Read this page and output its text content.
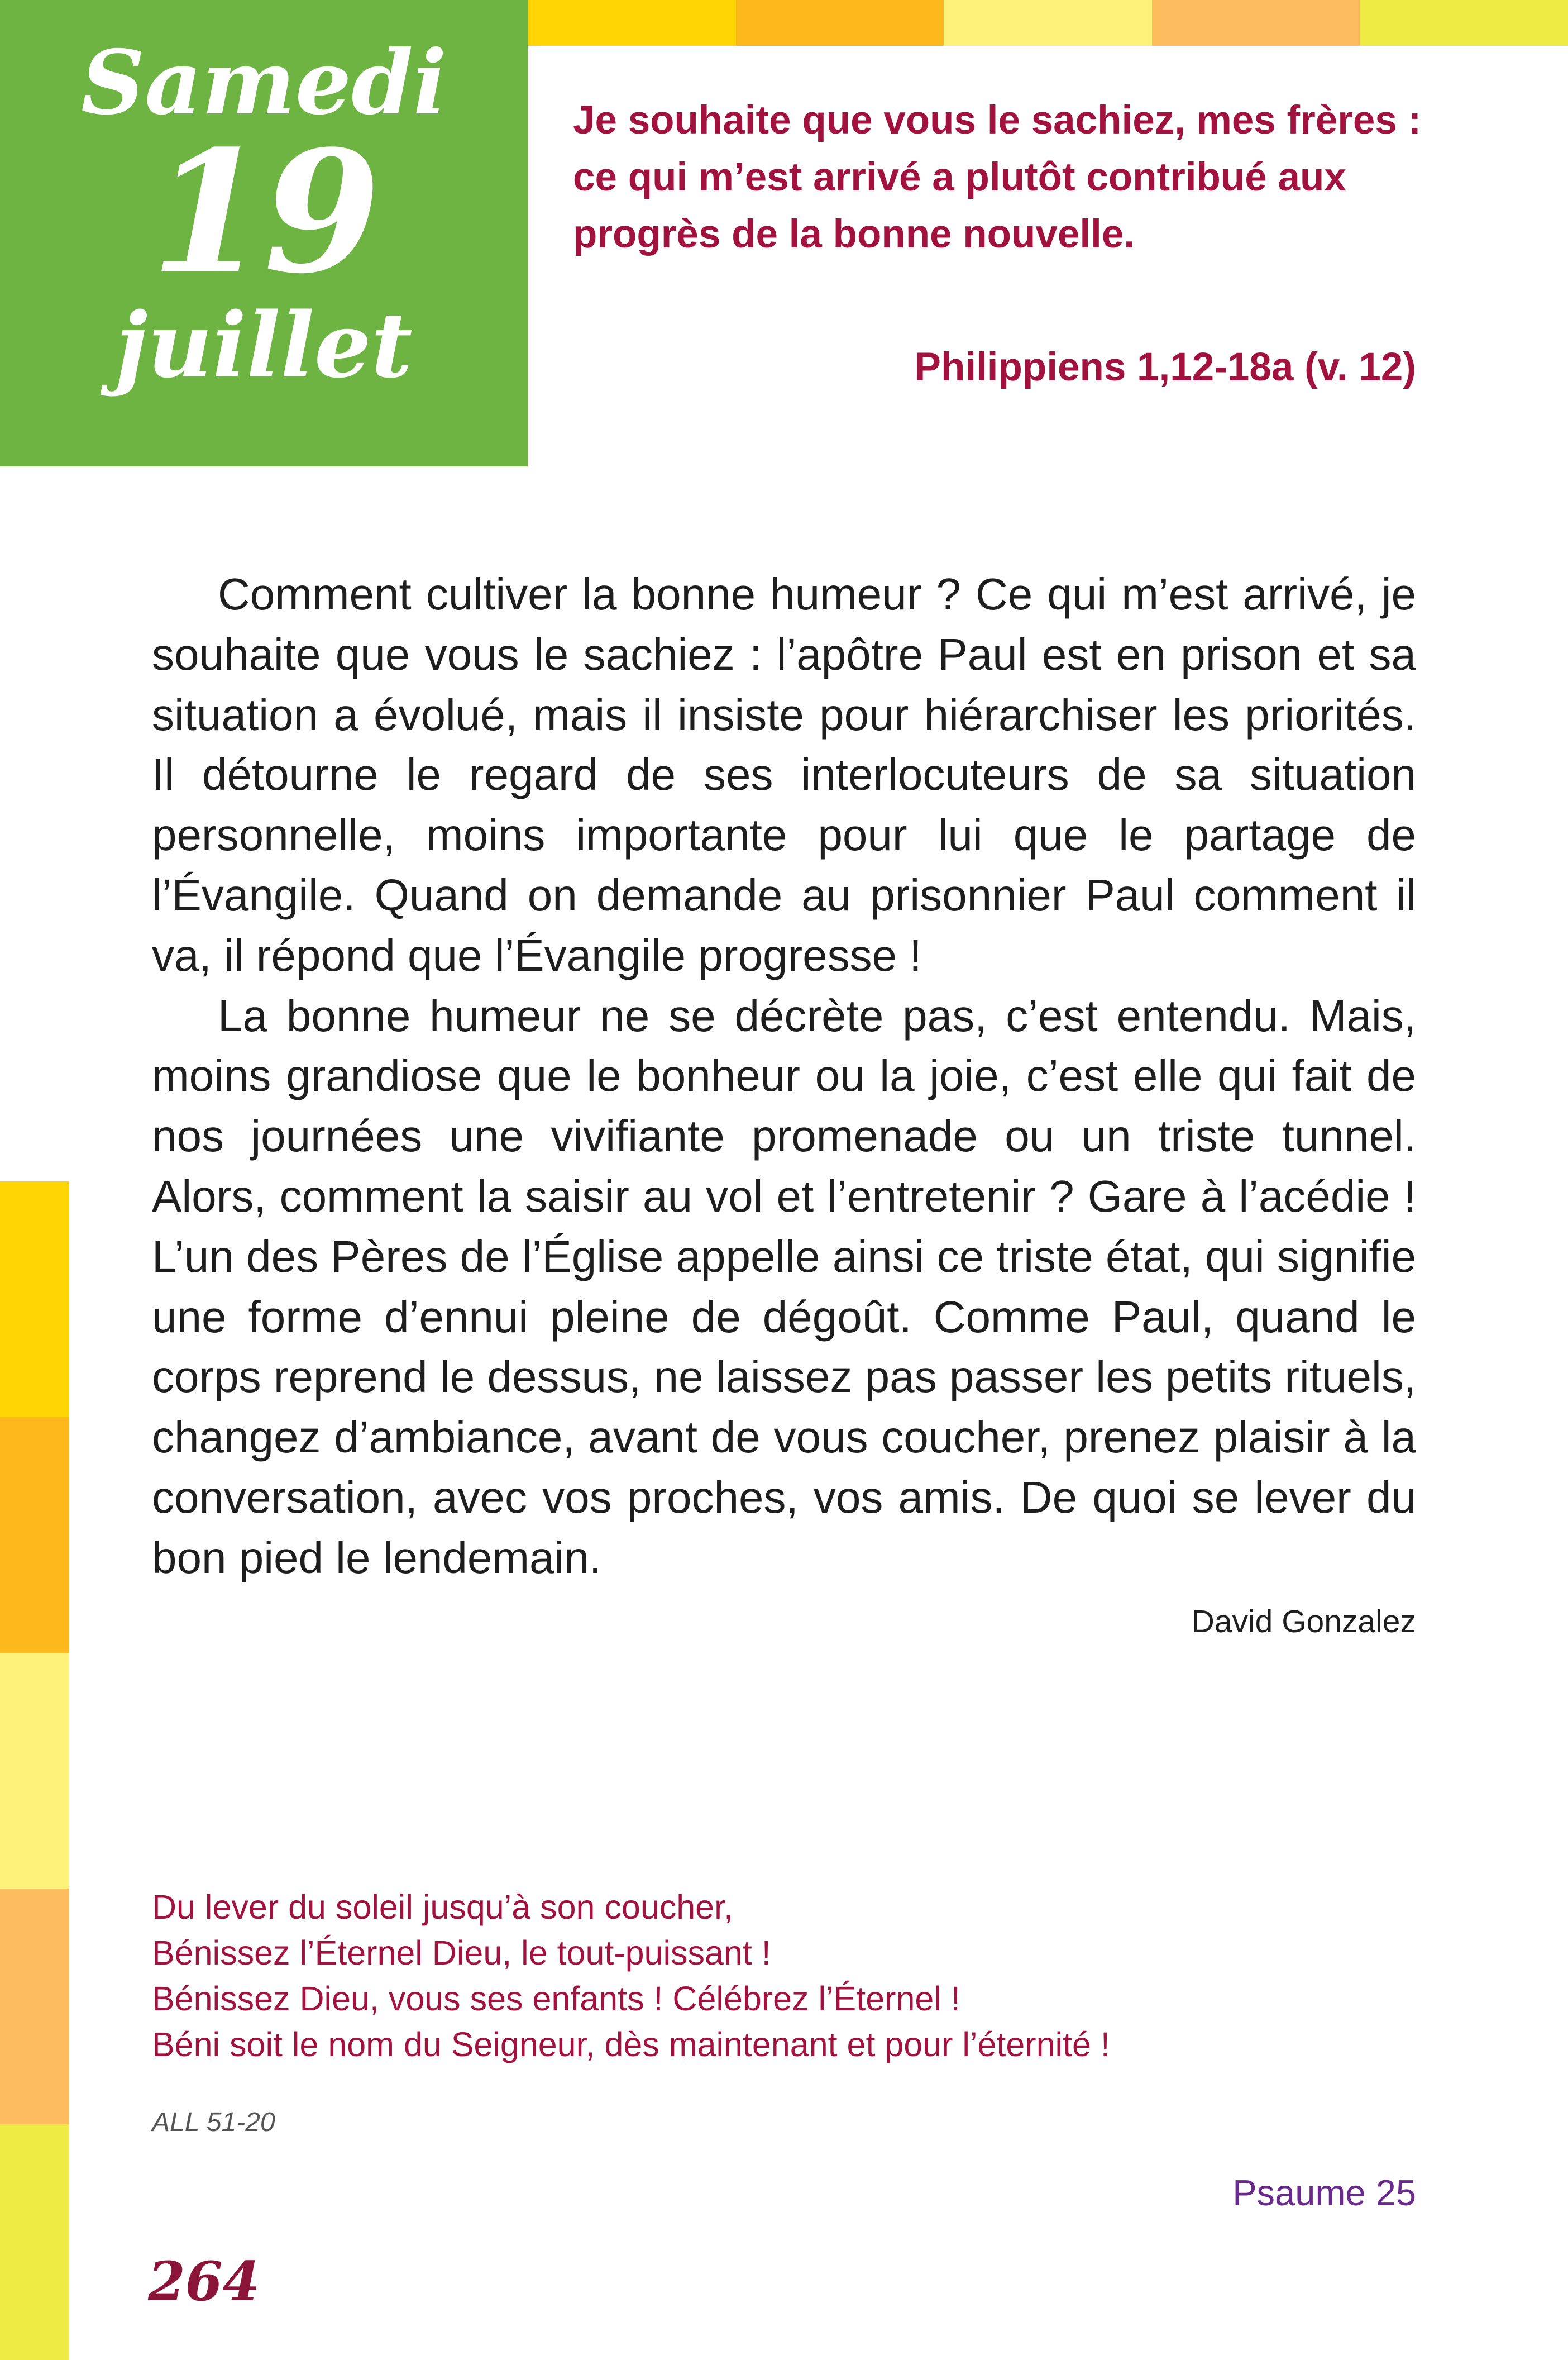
Samedi
19
juillet
Je souhaite que vous le sachiez, mes frères : ce qui m’est arrivé a plutôt contribué aux progrès de la bonne nouvelle.
Philippiens 1,12-18a (v. 12)

Comment cultiver la bonne humeur ? Ce qui m’est arrivé, je souhaite que vous le sachiez : l’apôtre Paul est en prison et sa situation a évolué, mais il insiste pour hiérarchiser les priorités. Il détourne le regard de ses interlocuteurs de sa situation personnelle, moins importante pour lui que le partage de l’Évangile. Quand on demande au prisonnier Paul comment il va, il répond que l’Évangile progresse !

La bonne humeur ne se décrète pas, c’est entendu. Mais, moins grandiose que le bonheur ou la joie, c’est elle qui fait de nos journées une vivifiante promenade ou un triste tunnel. Alors, comment la saisir au vol et l’entretenir ? Gare à l’acédie ! L’un des Pères de l’Église appelle ainsi ce triste état, qui signifie une forme d’ennui pleine de dégoût. Comme Paul, quand le corps reprend le dessus, ne laissez pas passer les petits rituels, changez d’ambiance, avant de vous coucher, prenez plaisir à la conversation, avec vos proches, vos amis. De quoi se lever du bon pied le lendemain.

David Gonzalez
Du lever du soleil jusqu’à son coucher,
Bénissez l’Éternel Dieu, le tout-puissant !
Bénissez Dieu, vous ses enfants ! Célébrez l’Éternel !
Béni soit le nom du Seigneur, dès maintenant et pour l’éternité !
ALL 51-20
Psaume 25
264
